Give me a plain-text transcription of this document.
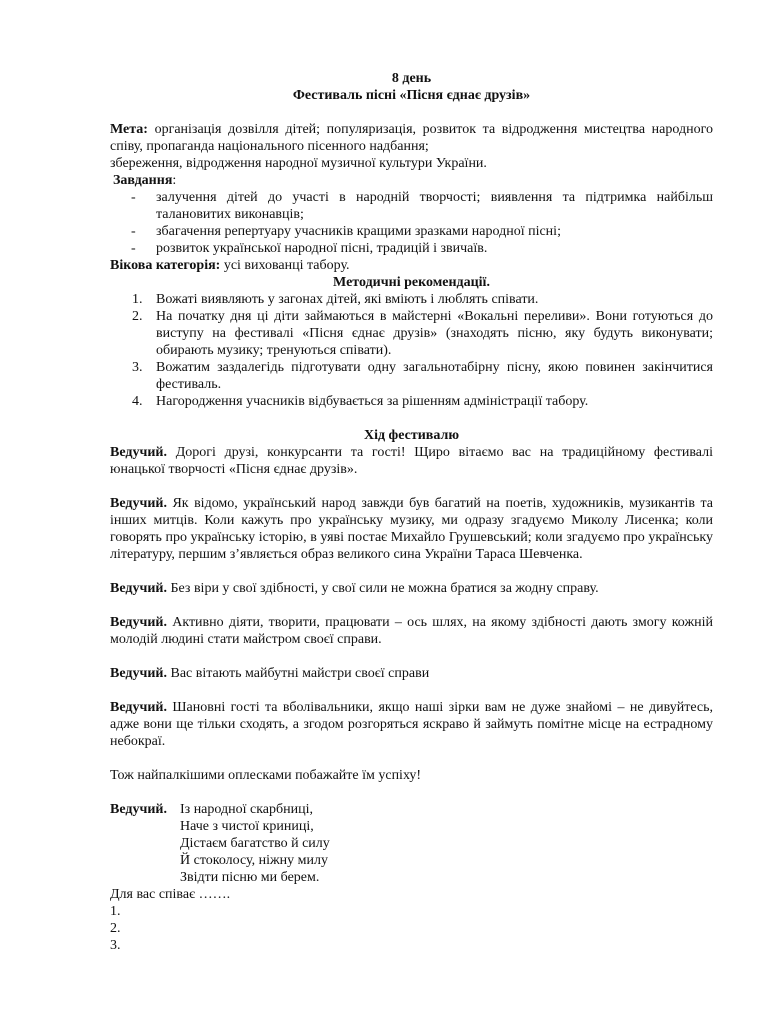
8 день
Фестиваль пісні «Пісня єднає друзів»
Мета: організація дозвілля дітей; популяризація, розвиток та відродження мистецтва народного співу, пропаганда національного пісенного надбання;
збереження, відродження народної музичної культури України.
Завдання:
- залучення дітей до участі в народній творчості; виявлення та підтримка найбільш талановитих виконавців;
- збагачення репертуару учасників кращими зразками народної пісні;
- розвиток української народної пісні, традицій і звичаїв.
Вікова категорія: усі вихованці табору.
Методичні рекомендації.
1. Вожаті виявляють у загонах дітей, які вміють і люблять співати.
2. На початку дня ці діти займаються в майстерні «Вокальні переливи». Вони готуються до виступу на фестивалі «Пісня єднає друзів» (знаходять пісню, яку будуть виконувати; обирають музику; тренуються співати).
3. Вожатим заздалегідь підготувати одну загальнотабірну пісну, якою повинен закінчитися фестиваль.
4. Нагородження учасників відбувається за рішенням адміністрації табору.
Хід фестивалю
Ведучий. Дорогі друзі, конкурсанти та гості! Щиро вітаємо вас на традиційному фестивалі юнацької творчості «Пісня єднає друзів».
Ведучий. Як відомо, український народ завжди був багатий на поетів, художників, музикантів та інших митців. Коли кажуть про українську музику, ми одразу згадуємо Миколу Лисенка; коли говорять про українську історію, в уяві постає Михайло Грушевський; коли згадуємо про українську літературу, першим з’являється образ великого сина України Тараса Шевченка.
Ведучий. Без віри у свої здібності, у свої сили не можна братися за жодну справу.
Ведучий. Активно діяти, творити, працювати – ось шлях, на якому здібності дають змогу кожній молодій людині стати майстром своєї справи.
Ведучий. Вас вітають майбутні майстри своєї справи
Ведучий. Шановні гості та вболівальники, якщо наші зірки вам не дуже знайомі – не дивуйтесь, адже вони ще тільки сходять, а згодом розгоряться яскраво й займуть помітне місце на естрадному небокраї.
Тож найпалкішими оплесками побажайте їм успіху!
Ведучий. Із народної скарбниці,
Наче з чистої криниці,
Дістаєм багатство й силу
Й стоколосу, ніжну милу
Звідти пісню ми берем.
Для вас співає …….
1.
2.
3.
